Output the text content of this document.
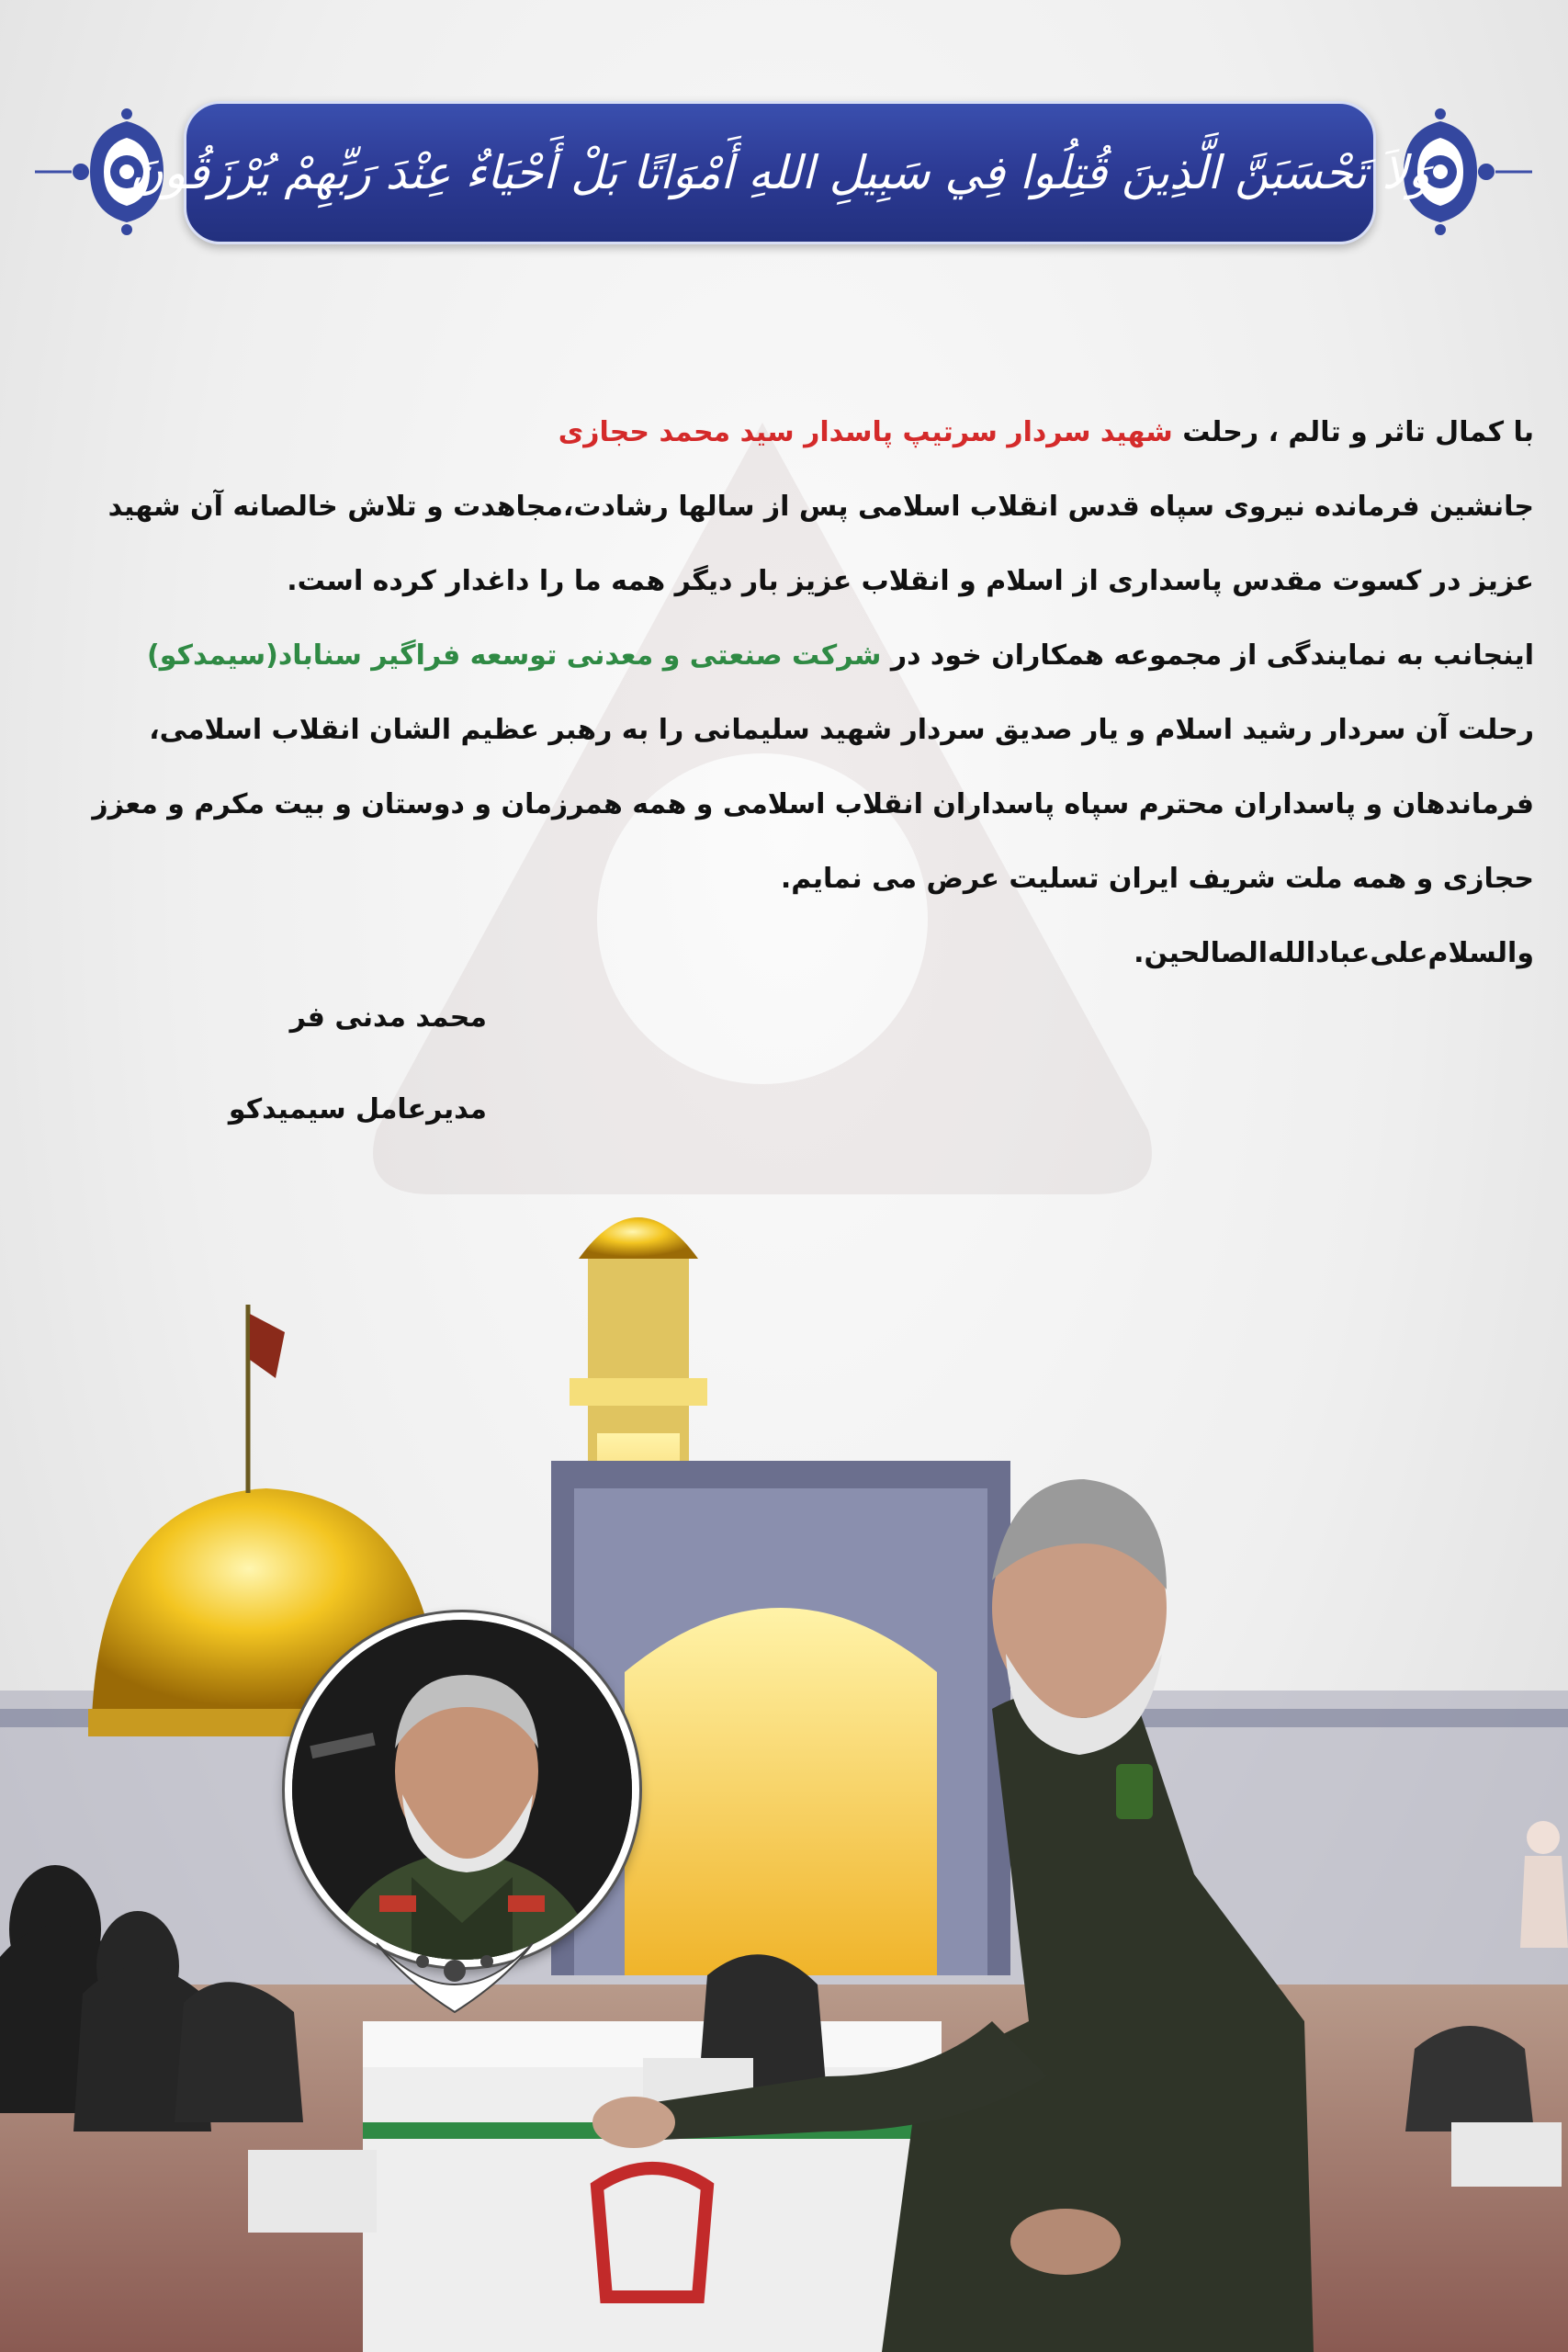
وَلاَ تَحْسَبَنَّ الَّذِينَ قُتِلُوا فِي سَبِيلِ اللهِ أَمْوَاتًا بَلْ أَحْيَاءٌ عِنْدَ رَبِّهِمْ يُرْزَقُونَ
با کمال تاثر و تالم ، رحلت شهید سردار سرتیپ پاسدار سید محمد حجازی
جانشین فرمانده نیروی سپاه قدس انقلاب اسلامی پس از سالها رشادت،مجاهدت و تلاش خالصانه آن شهید
عزیز در کسوت مقدس پاسداری از اسلام و انقلاب عزیز بار دیگر همه ما را داغدار کرده است.
اینجانب به نمایندگی از مجموعه همکاران خود در شرکت صنعتی و معدنی توسعه فراگیر سناباد(سیمدکو)
رحلت آن سردار رشید اسلام و یار صدیق سردار شهید سلیمانی را به رهبر عظیم الشان انقلاب اسلامی،
فرماندهان و پاسداران محترم سپاه پاسداران انقلاب اسلامی و همه همرزمان و دوستان و بیت مکرم و معزز
حجازی و همه ملت شریف ایران تسلیت عرض می نمایم.
والسلام‌علی‌عبادالله‌الصالحین.
محمد مدنی فر
مدیرعامل سیمیدکو
